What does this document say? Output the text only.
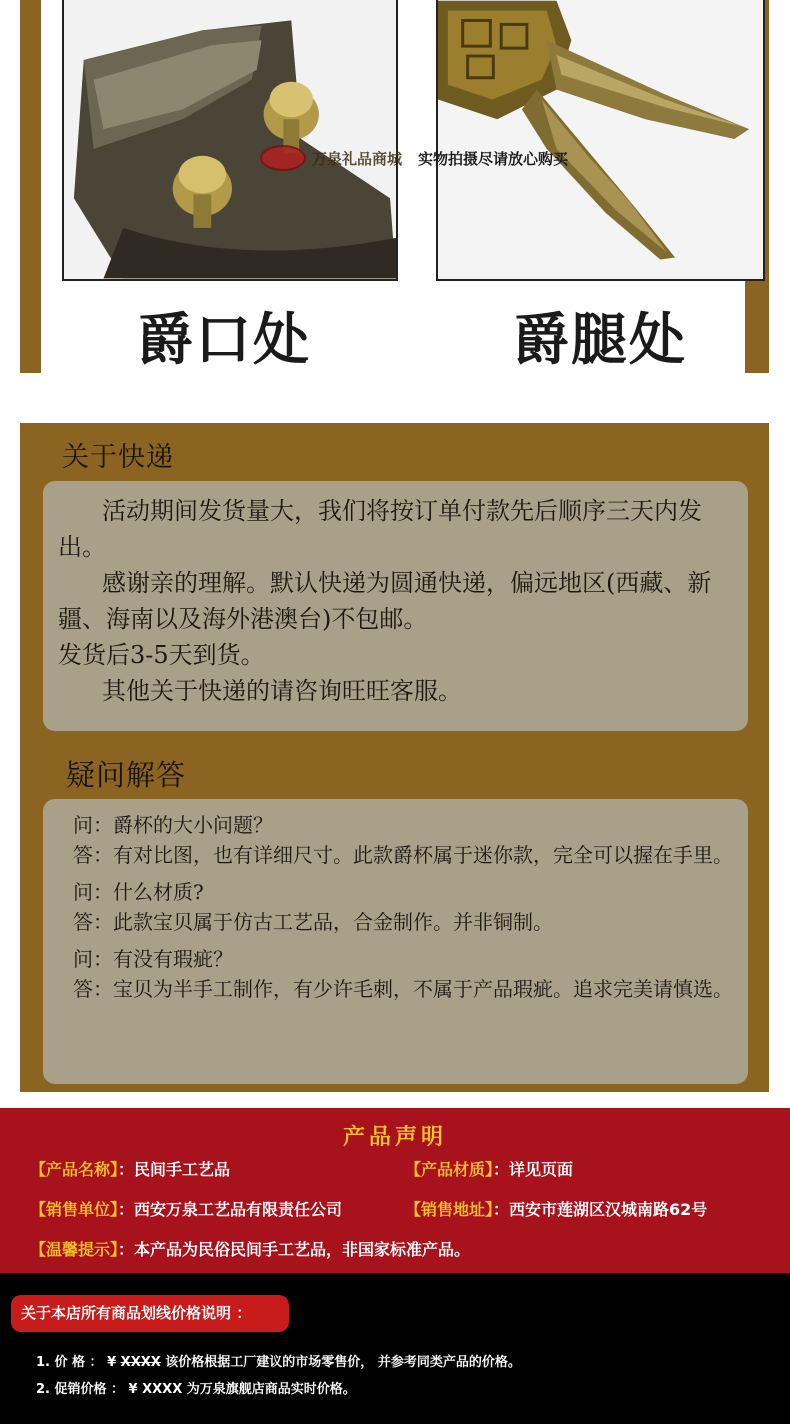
万泉礼品商城 实物拍摄尽请放心购买
爵口处	爵腿处
关于快递
活动期间发货量大，我们将按订单付款先后顺序三天内发出。
感谢亲的理解。默认快递为圆通快递，偏远地区(西藏、新疆、海南以及海外港澳台)不包邮。
发货后3-5天到货。
其他关于快递的请咨询旺旺客服。
疑问解答
问：爵杯的大小问题？
答：有对比图，也有详细尺寸。此款爵杯属于迷你款，完全可以握在手里。
问：什么材质?
答：此款宝贝属于仿古工艺品，合金制作。并非铜制。
问：有没有瑕疵？
答：宝贝为半手工制作，有少许毛刺，不属于产品瑕疵。追求完美请慎选。
产品声明
【产品名称】：民间手工艺品	【产品材质】：详见页面
【销售单位】：西安万泉工艺品有限责任公司	【销售地址】：西安市莲湖区汉城南路62号
【温馨提示】：本产品为民俗民间手工艺品，非国家标准产品。
关于本店所有商品划线价格说明 ：
1. 价 格 ： ¥ XXXX 该价格根据工厂建议的市场零售价， 并参考同类产品的价格。
2. 促销价格 ： ¥ XXXX 为万泉旗舰店商品实时价格。
